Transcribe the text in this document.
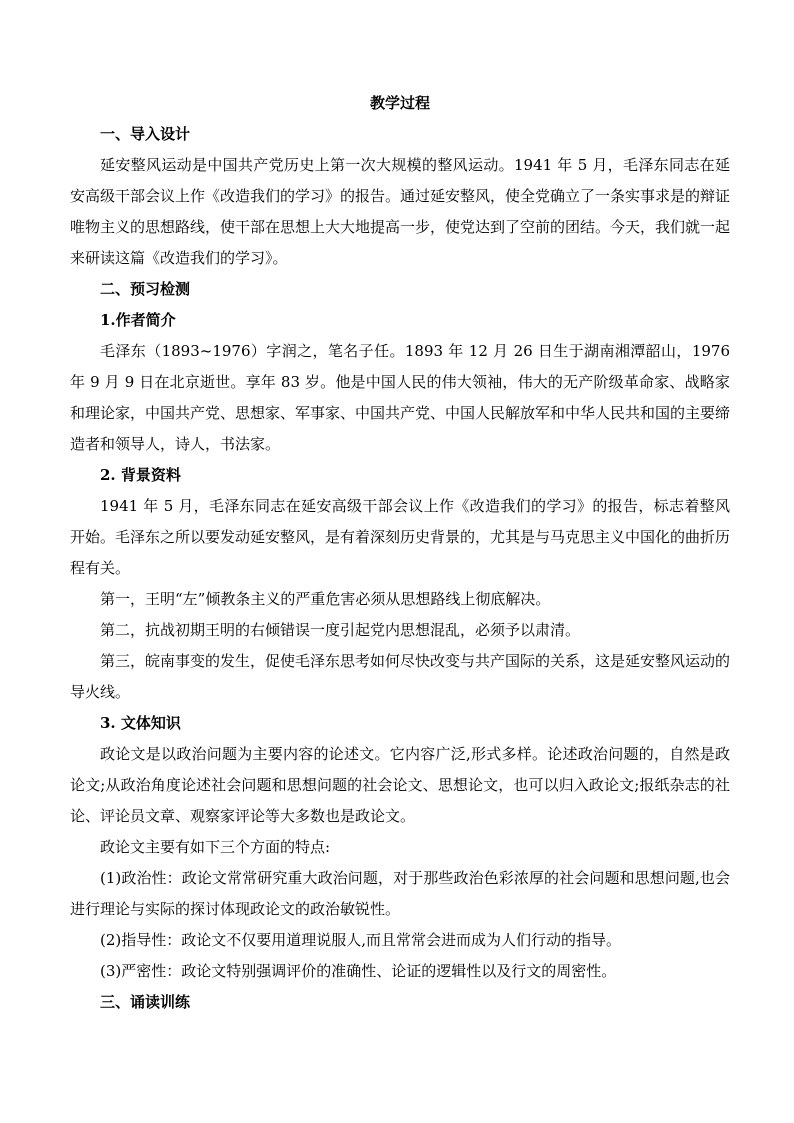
教学过程

一、导入设计

延安整风运动是中国共产党历史上第一次大规模的整风运动。1941 年 5 月，毛泽东同志在延安高级干部会议上作《改造我们的学习》的报告。通过延安整风，使全党确立了一条实事求是的辩证唯物主义的思想路线，使干部在思想上大大地提高一步，使党达到了空前的团结。今天，我们就一起来研读这篇《改造我们的学习》。

二、预习检测

1.作者简介

毛泽东（1893~1976）字润之，笔名子任。1893 年 12 月 26 日生于湖南湘潭韶山，1976 年 9 月 9 日在北京逝世。享年 83 岁。他是中国人民的伟大领袖，伟大的无产阶级革命家、战略家和理论家，中国共产党、思想家、军事家、中国共产党、中国人民解放军和中华人民共和国的主要缔造者和领导人，诗人，书法家。

2. 背景资料

1941 年 5 月，毛泽东同志在延安高级干部会议上作《改造我们的学习》的报告，标志着整风开始。毛泽东之所以要发动延安整风，是有着深刻历史背景的，尤其是与马克思主义中国化的曲折历程有关。

第一，王明“左”倾教条主义的严重危害必须从思想路线上彻底解决。

第二，抗战初期王明的右倾错误一度引起党内思想混乱，必须予以肃清。

第三，皖南事变的发生，促使毛泽东思考如何尽快改变与共产国际的关系，这是延安整风运动的导火线。

3. 文体知识

政论文是以政治问题为主要内容的论述文。它内容广泛,形式多样。论述政治问题的，自然是政论文;从政治角度论述社会问题和思想问题的社会论文、思想论文，也可以归入政论文;报纸杂志的社论、评论员文章、观察家评论等大多数也是政论文。

政论文主要有如下三个方面的特点:

(1)政治性：政论文常常研究重大政治问题，对于那些政治色彩浓厚的社会问题和思想问题,也会进行理论与实际的探讨体现政论文的政治敏锐性。

(2)指导性：政论文不仅要用道理说服人,而且常常会进而成为人们行动的指导。

(3)严密性：政论文特别强调评价的准确性、论证的逻辑性以及行文的周密性。

三、诵读训练
